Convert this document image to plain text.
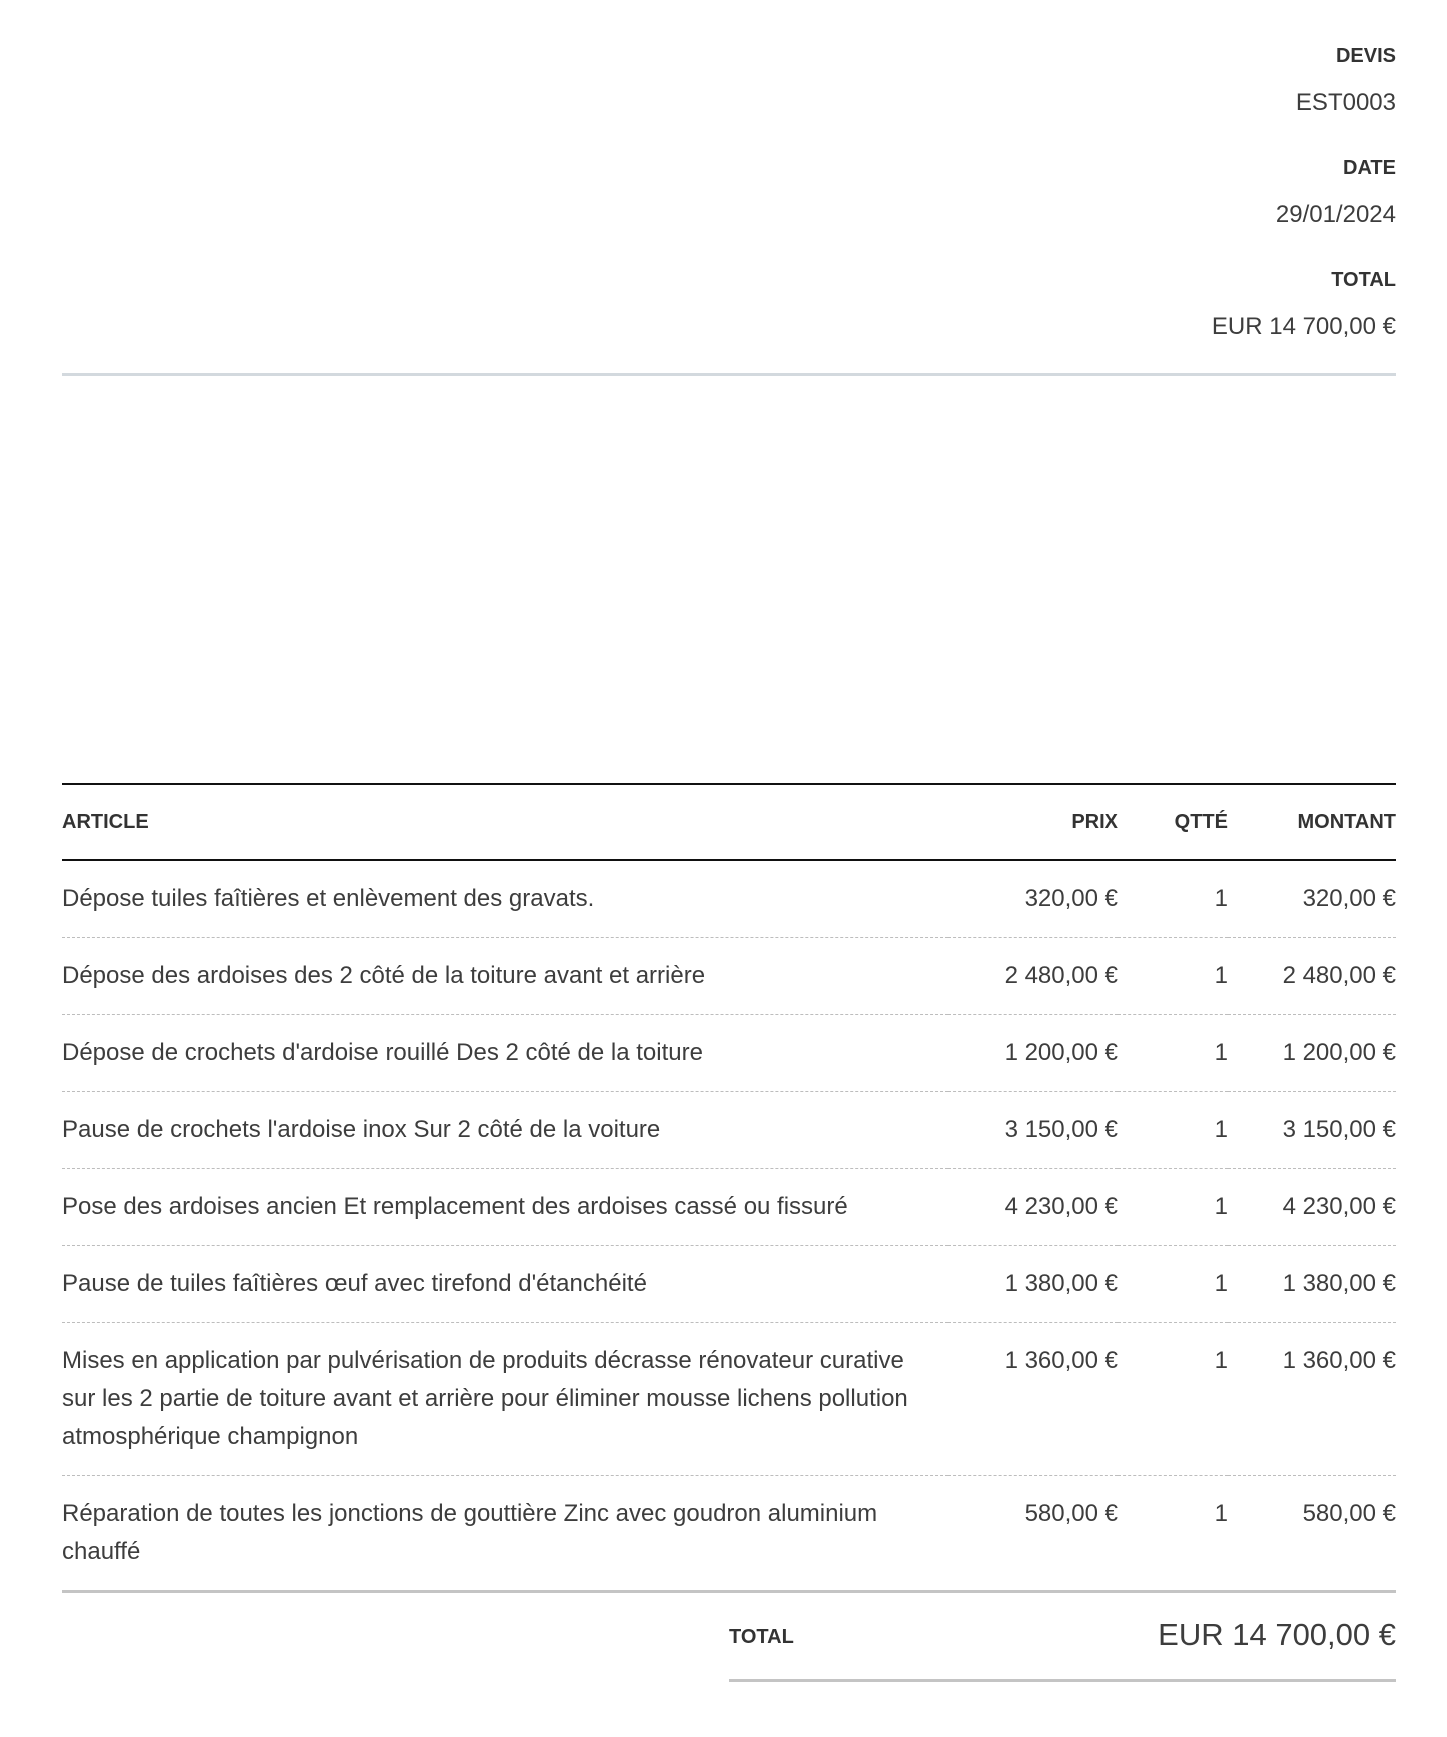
DEVIS
EST0003
DATE
29/01/2024
TOTAL
EUR 14 700,00 €
ARTICLE	PRIX	QTTÉ	MONTANT

Dépose tuiles faîtières et enlèvement des gravats.	320,00 €	1	320,00 €

Dépose des ardoises des 2 côté de la toiture avant et arrière	2 480,00 €	1	2 480,00 €

Dépose de crochets d'ardoise rouillé Des 2 côté de la toiture	1 200,00 €	1	1 200,00 €

Pause de crochets l'ardoise inox Sur 2 côté de la voiture	3 150,00 €	1	3 150,00 €

Pose des ardoises ancien Et remplacement des ardoises cassé ou fissuré	4 230,00 €	1	4 230,00 €

Pause de tuiles faîtières œuf avec tirefond d'étanchéité	1 380,00 €	1	1 380,00 €

Mises en application par pulvérisation de produits décrasse rénovateur curative sur les 2 partie de toiture avant et arrière pour éliminer mousse lichens pollution atmosphérique champignon	1 360,00 €	1	1 360,00 €

Réparation de toutes les jonctions de gouttière Zinc avec goudron aluminium chauffé	580,00 €	1	580,00 €
TOTAL	EUR 14 700,00 €
